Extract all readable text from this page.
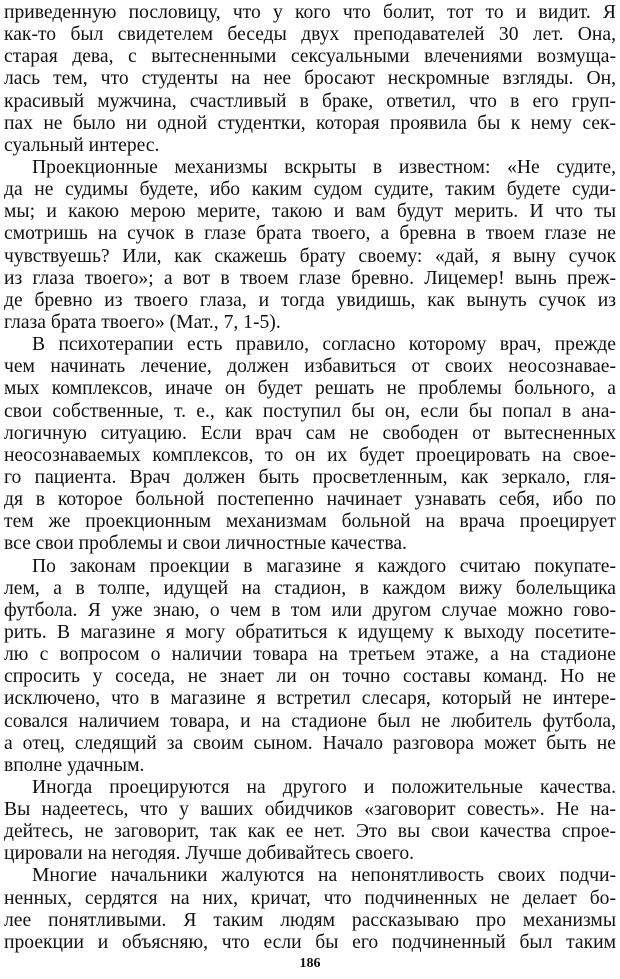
приведенную пословицу, что у кого что болит, тот то и видит. Я
как-то был свидетелем беседы двух преподавателей 30 лет. Она,
старая дева, с вытесненными сексуальными влечениями возмуща-
лась тем, что студенты на нее бросают нескромные взгляды. Он,
красивый мужчина, счастливый в браке, ответил, что в его груп-
пах не было ни одной студентки, которая проявила бы к нему сек-
суальный интерес.
Проекционные механизмы вскрыты в известном: «Не судите,
да не судимы будете, ибо каким судом судите, таким будете суди-
мы; и какою мерою мерите, такою и вам будут мерить. И что ты
смотришь на сучок в глазе брата твоего, а бревна в твоем глазе не
чувствуешь? Или, как скажешь брату своему: «дай, я выну сучок
из глаза твоего»; а вот в твоем глазе бревно. Лицемер! вынь преж-
де бревно из твоего глаза, и тогда увидишь, как вынуть сучок из
глаза брата твоего» (Мат., 7, 1-5).
В психотерапии есть правило, согласно которому врач, прежде
чем начинать лечение, должен избавиться от своих неосознавае-
мых комплексов, иначе он будет решать не проблемы больного, а
свои собственные, т. е., как поступил бы он, если бы попал в ана-
логичную ситуацию. Если врач сам не свободен от вытесненных
неосознаваемых комплексов, то он их будет проецировать на свое-
го пациента. Врач должен быть просветленным, как зеркало, гля-
дя в которое больной постепенно начинает узнавать себя, ибо по
тем же проекционным механизмам больной на врача проецирует
все свои проблемы и свои личностные качества.
По законам проекции в магазине я каждого считаю покупате-
лем, а в толпе, идущей на стадион, в каждом вижу болельщика
футбола. Я уже знаю, о чем в том или другом случае можно гово-
рить. В магазине я могу обратиться к идущему к выходу посетите-
лю с вопросом о наличии товара на третьем этаже, а на стадионе
спросить у соседа, не знает ли он точно составы команд. Но не
исключено, что в магазине я встретил слесаря, который не интере-
совался наличием товара, и на стадионе был не любитель футбола,
а отец, следящий за своим сыном. Начало разговора может быть не
вполне удачным.
Иногда проецируются на другого и положительные качества.
Вы надеетесь, что у ваших обидчиков «заговорит совесть». Не на-
дейтесь, не заговорит, так как ее нет. Это вы свои качества спрое-
цировали на негодяя. Лучше добивайтесь своего.
Многие начальники жалуются на непонятливость своих подчи-
ненных, сердятся на них, кричат, что подчиненных не делает бо-
лее понятливыми. Я таким людям рассказываю про механизмы
проекции и объясняю, что если бы его подчиненный был таким
186
